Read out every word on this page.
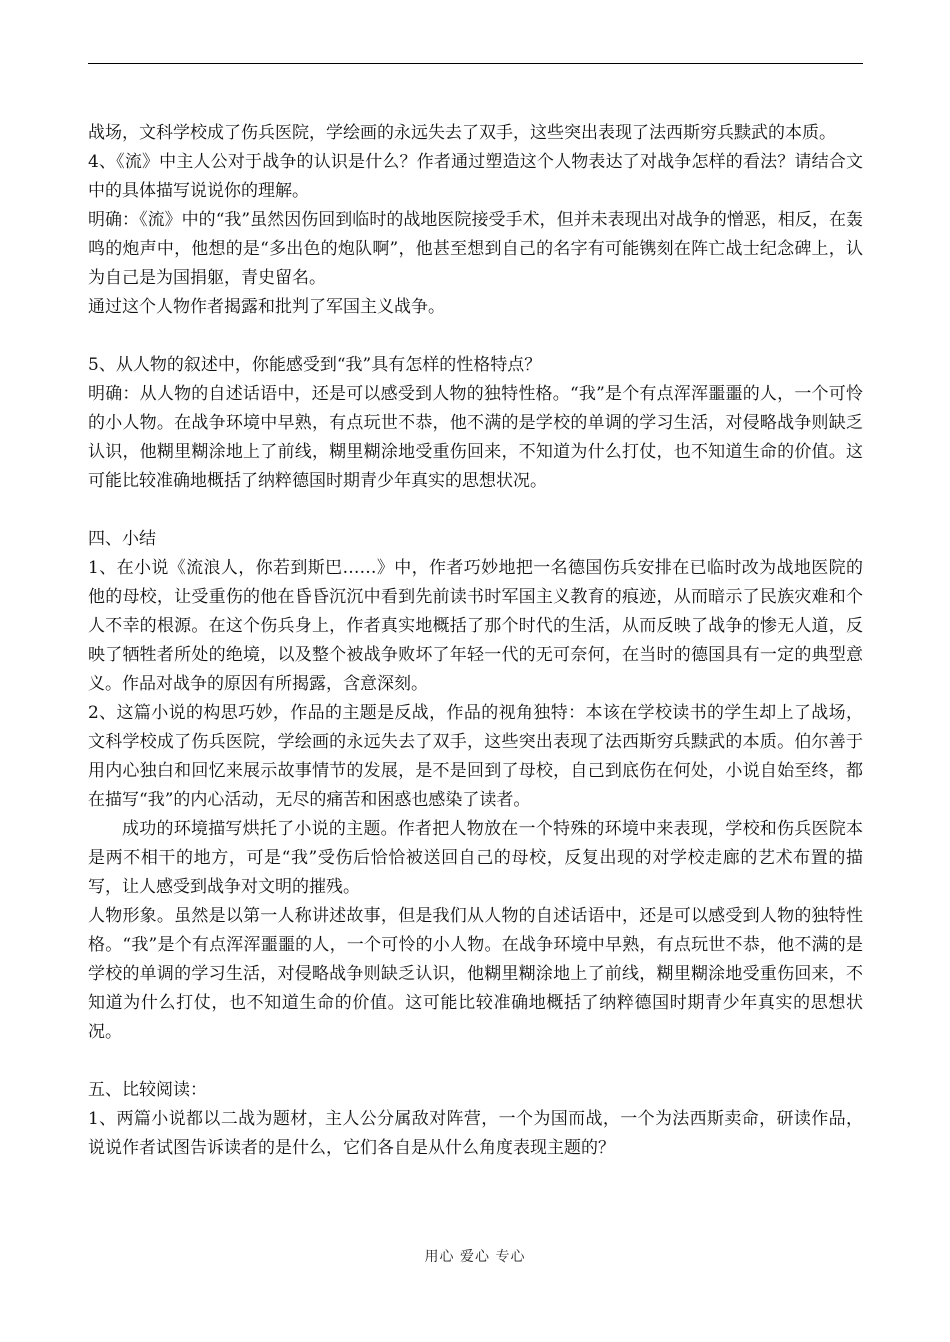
战场，文科学校成了伤兵医院，学绘画的永远失去了双手，这些突出表现了法西斯穷兵黩武的本质。

4、《流》中主人公对于战争的认识是什么？作者通过塑造这个人物表达了对战争怎样的看法？请结合文中的具体描写说说你的理解。

明确：《流》中的“我”虽然因伤回到临时的战地医院接受手术，但并未表现出对战争的憎恶，相反，在轰鸣的炮声中，他想的是“多出色的炮队啊”，他甚至想到自己的名字有可能镌刻在阵亡战士纪念碑上，认为自己是为国捐躯，青史留名。

通过这个人物作者揭露和批判了军国主义战争。

5、从人物的叙述中，你能感受到“我”具有怎样的性格特点？

明确：从人物的自述话语中，还是可以感受到人物的独特性格。“我”是个有点浑浑噩噩的人，一个可怜的小人物。在战争环境中早熟，有点玩世不恭，他不满的是学校的单调的学习生活，对侵略战争则缺乏认识，他糊里糊涂地上了前线，糊里糊涂地受重伤回来，不知道为什么打仗，也不知道生命的价值。这可能比较准确地概括了纳粹德国时期青少年真实的思想状况。

四、小结

1、在小说《流浪人，你若到斯巴……》中，作者巧妙地把一名德国伤兵安排在已临时改为战地医院的他的母校，让受重伤的他在昏昏沉沉中看到先前读书时军国主义教育的痕迹，从而暗示了民族灾难和个人不幸的根源。在这个伤兵身上，作者真实地概括了那个时代的生活，从而反映了战争的惨无人道，反映了牺牲者所处的绝境，以及整个被战争败坏了年轻一代的无可奈何，在当时的德国具有一定的典型意义。作品对战争的原因有所揭露，含意深刻。

2、这篇小说的构思巧妙，作品的主题是反战，作品的视角独特：本该在学校读书的学生却上了战场，文科学校成了伤兵医院，学绘画的永远失去了双手，这些突出表现了法西斯穷兵黩武的本质。伯尔善于用内心独白和回忆来展示故事情节的发展，是不是回到了母校，自己到底伤在何处，小说自始至终，都在描写“我”的内心活动，无尽的痛苦和困惑也感染了读者。

成功的环境描写烘托了小说的主题。作者把人物放在一个特殊的环境中来表现，学校和伤兵医院本是两不相干的地方，可是“我”受伤后恰恰被送回自己的母校，反复出现的对学校走廊的艺术布置的描写，让人感受到战争对文明的摧残。

人物形象。虽然是以第一人称讲述故事，但是我们从人物的自述话语中，还是可以感受到人物的独特性格。“我”是个有点浑浑噩噩的人，一个可怜的小人物。在战争环境中早熟，有点玩世不恭，他不满的是学校的单调的学习生活，对侵略战争则缺乏认识，他糊里糊涂地上了前线，糊里糊涂地受重伤回来，不知道为什么打仗，也不知道生命的价值。这可能比较准确地概括了纳粹德国时期青少年真实的思想状况。

五、比较阅读：

1、两篇小说都以二战为题材，主人公分属敌对阵营，一个为国而战，一个为法西斯卖命，研读作品，说说作者试图告诉读者的是什么，它们各自是从什么角度表现主题的？

用心 爱心 专心
